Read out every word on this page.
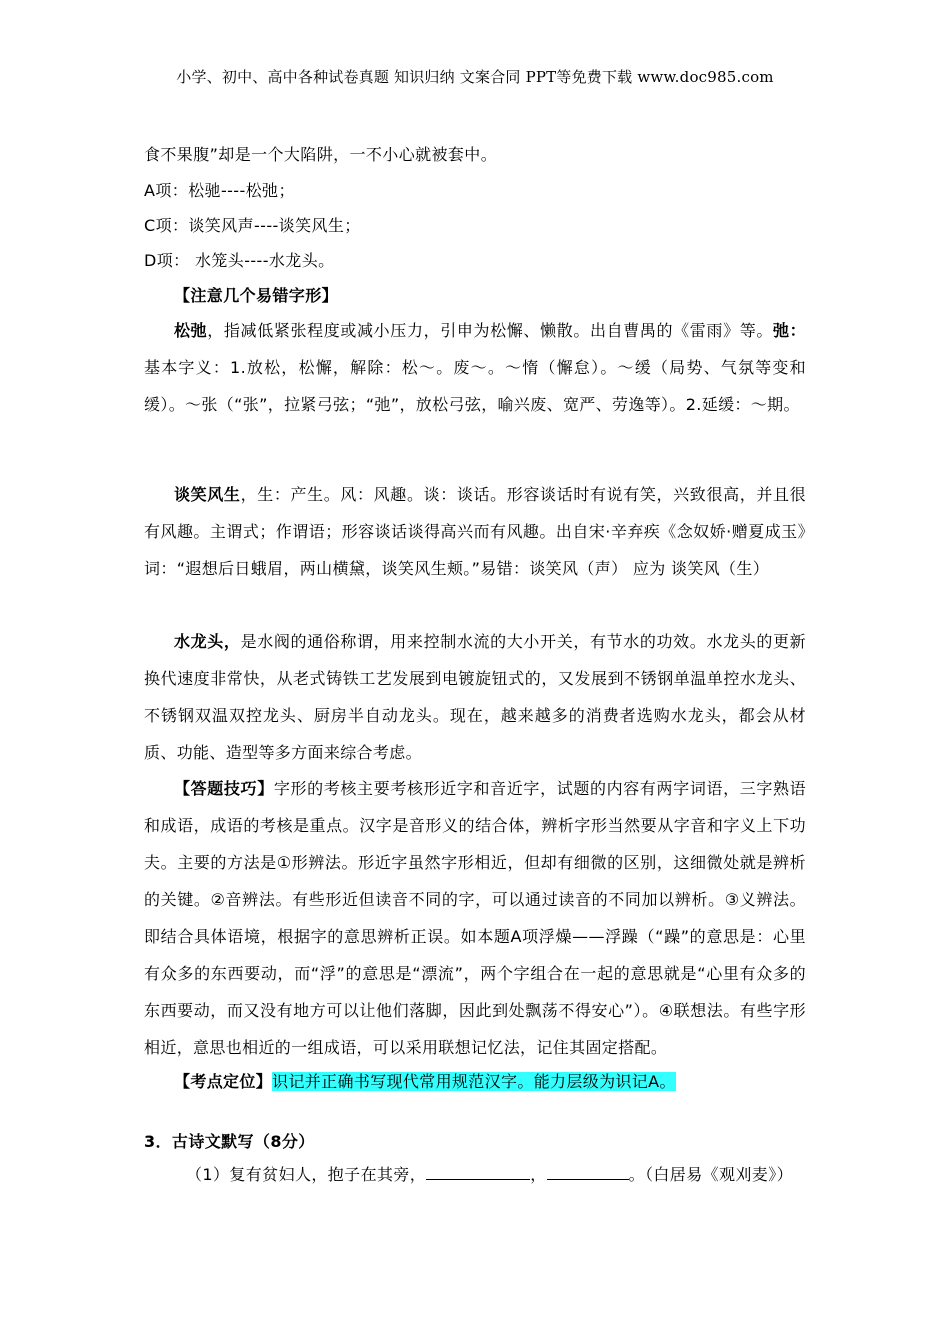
小学、初中、高中各种试卷真题 知识归纳 文案合同 PPT等免费下载 www.doc985.com
食不果腹”却是一个大陷阱，一不小心就被套中。
A项：松驰----松弛；
C项：谈笑风声----谈笑风生；
D项： 水笼头----水龙头。
【注意几个易错字形】
松弛，指减低紧张程度或减小压力，引申为松懈、懒散。出自曹禺的《雷雨》等。弛：基本字义：1.放松，松懈，解除：松～。废～。～惰（懈怠）。～缓（局势、气氛等变和缓）。～张（“张”，拉紧弓弦；“弛”，放松弓弦，喻兴废、宽严、劳逸等）。2.延缓：～期。
谈笑风生，生：产生。风：风趣。谈：谈话。形容谈话时有说有笑，兴致很高，并且很有风趣。主谓式；作谓语；形容谈话谈得高兴而有风趣。出自宋·辛弃疾《念奴娇·赠夏成玉》词：“遐想后日蛾眉，两山横黛，谈笑风生颊。”易错：谈笑风（声） 应为 谈笑风（生）
水龙头，是水阀的通俗称谓，用来控制水流的大小开关，有节水的功效。水龙头的更新换代速度非常快，从老式铸铁工艺发展到电镀旋钮式的，又发展到不锈钢单温单控水龙头、不锈钢双温双控龙头、厨房半自动龙头。现在，越来越多的消费者选购水龙头，都会从材质、功能、造型等多方面来综合考虑。
【答题技巧】字形的考核主要考核形近字和音近字，试题的内容有两字词语，三字熟语和成语，成语的考核是重点。汉字是音形义的结合体，辨析字形当然要从字音和字义上下功夫。主要的方法是①形辨法。形近字虽然字形相近，但却有细微的区别，这细微处就是辨析的关键。②音辨法。有些形近但读音不同的字，可以通过读音的不同加以辨析。③义辨法。即结合具体语境，根据字的意思辨析正误。如本题A项浮燥——浮躁（“躁”的意思是：心里有众多的东西要动，而“浮”的意思是“漂流”，两个字组合在一起的意思就是“心里有众多的东西要动，而又没有地方可以让他们落脚，因此到处飘荡不得安心”）。④联想法。有些字形相近，意思也相近的一组成语，可以采用联想记忆法，记住其固定搭配。
【考点定位】识记并正确书写现代常用规范汉字。能力层级为识记A。
3．古诗文默写（8分）
（1）复有贫妇人，抱子在其旁，	，	。（白居易《观刈麦》）
